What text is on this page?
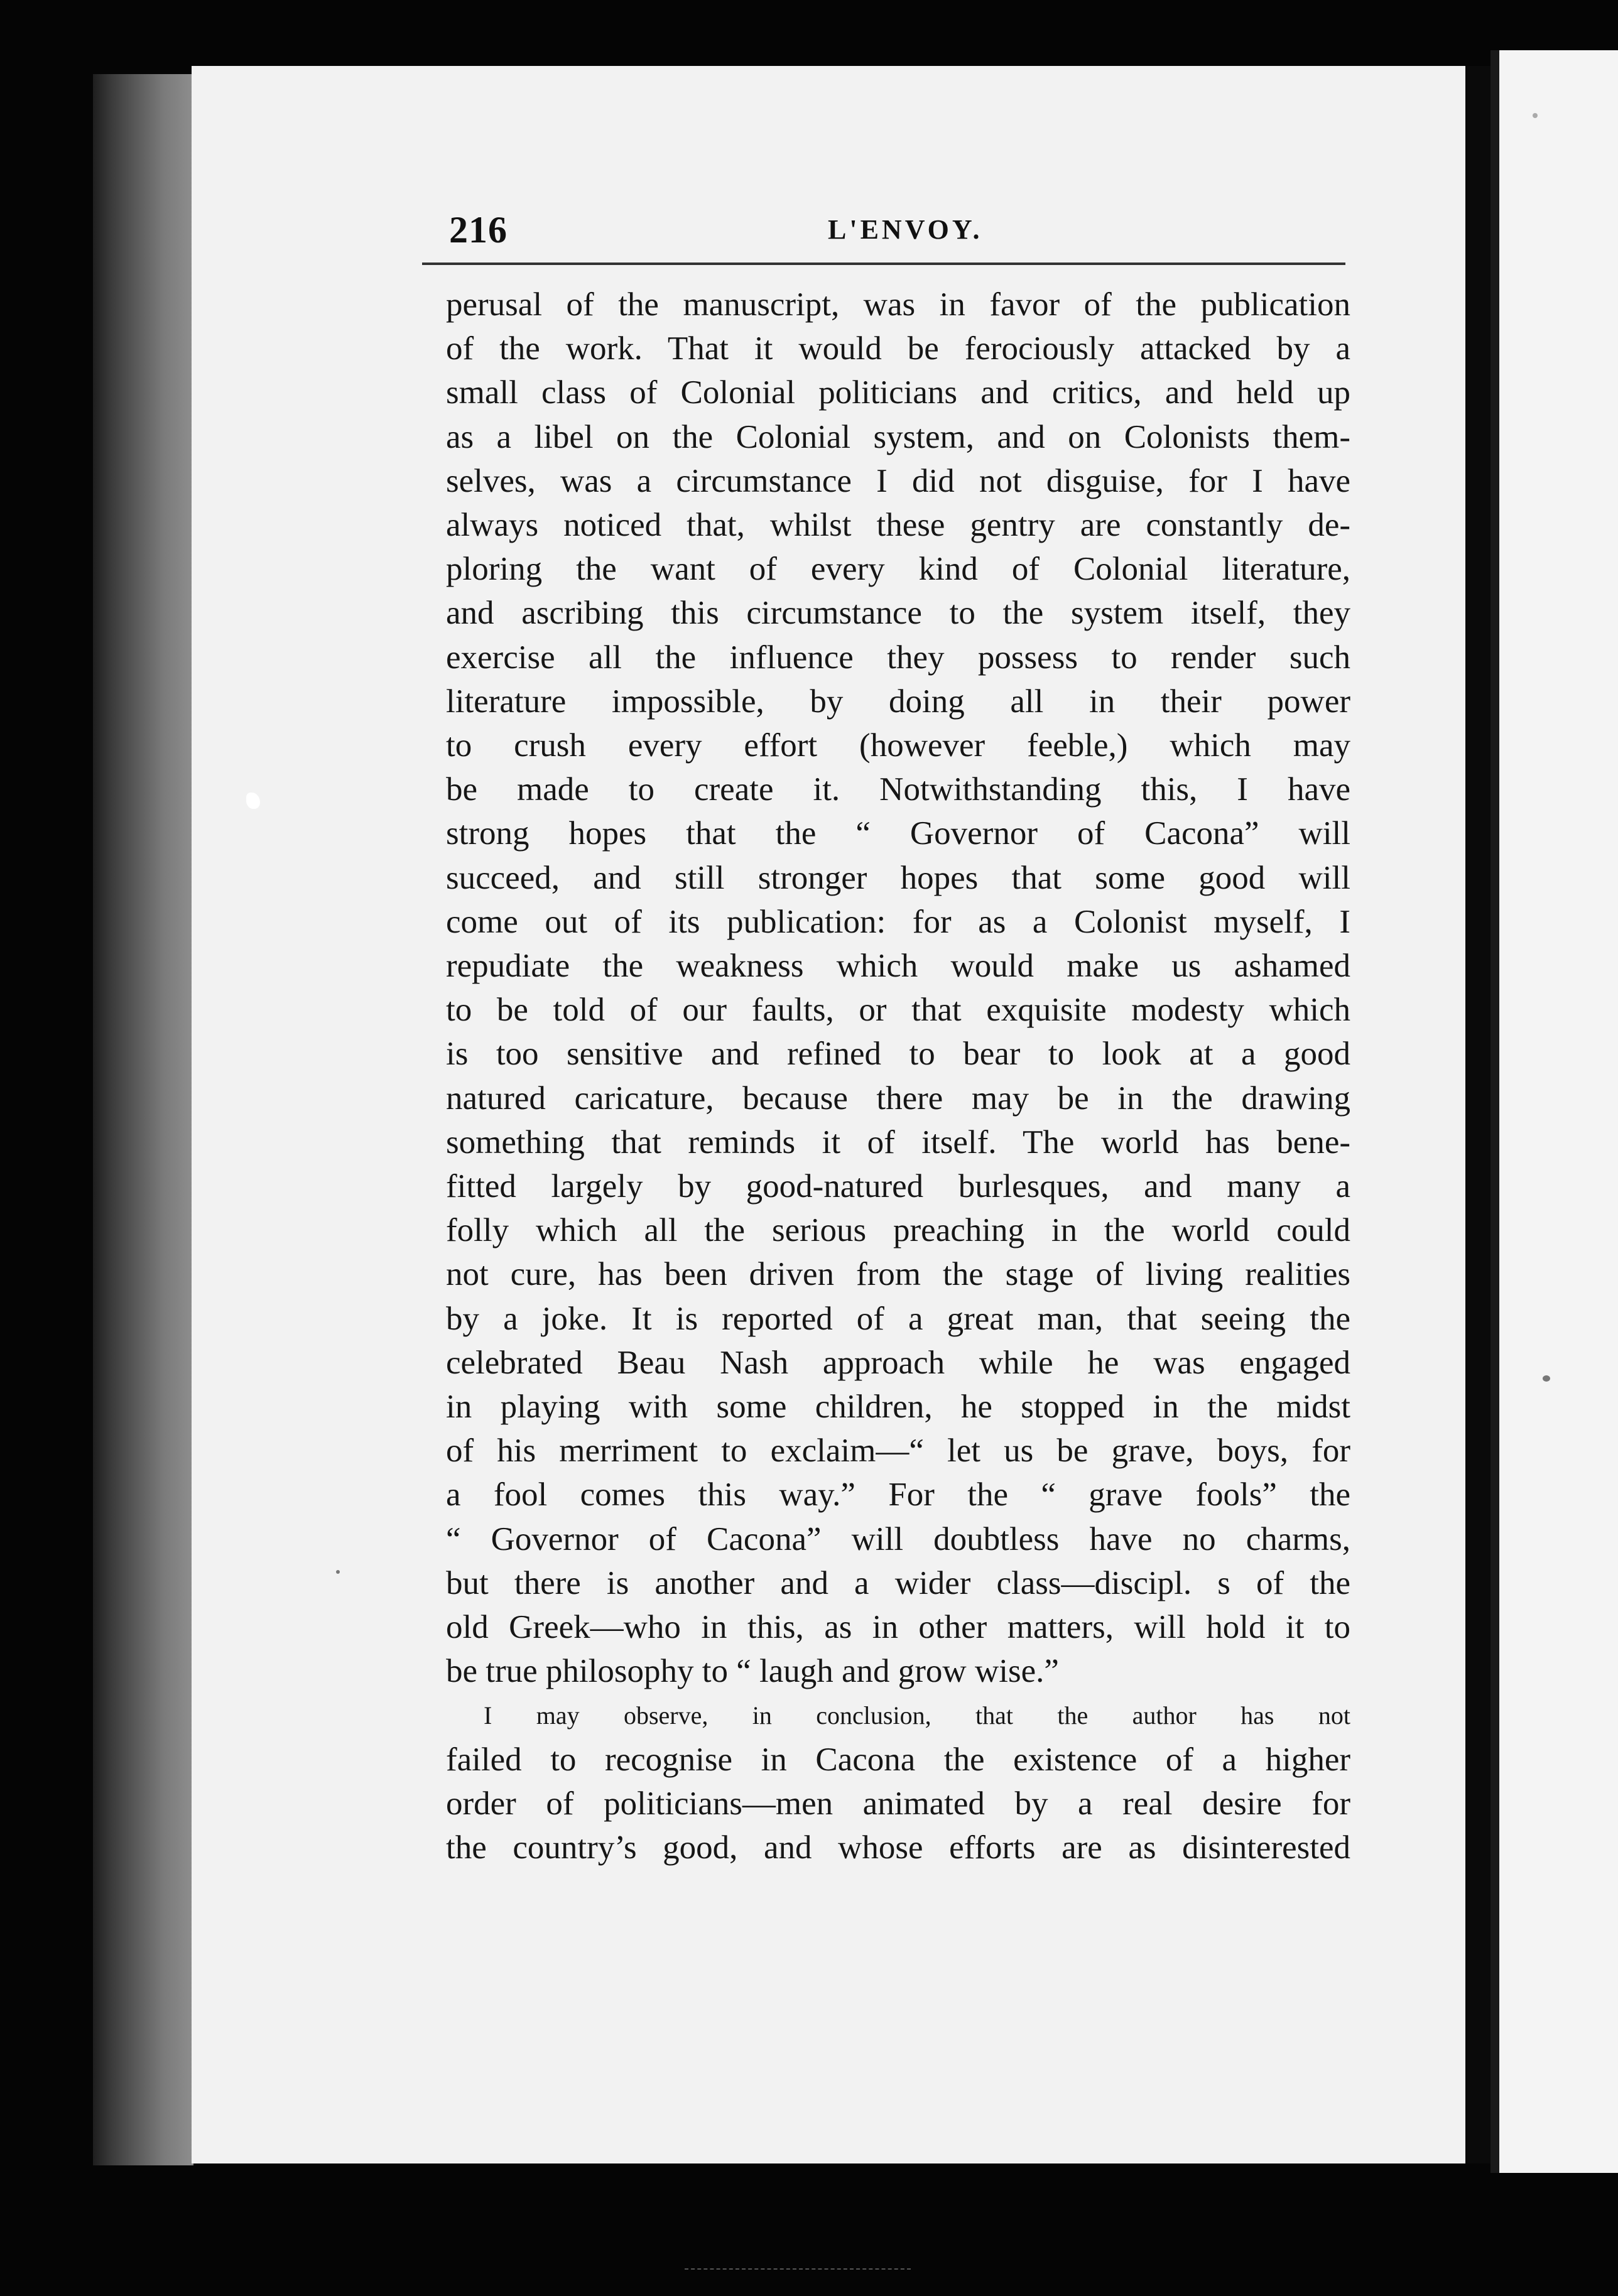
216	L'ENVOY.
perusal of the manuscript, was in favor of the publication
of the work. That it would be ferociously attacked by a
small class of Colonial politicians and critics, and held up
as a libel on the Colonial system, and on Colonists them-
selves, was a circumstance I did not disguise, for I have
always noticed that, whilst these gentry are constantly de-
ploring the want of every kind of Colonial literature,
and ascribing this circumstance to the system itself, they
exercise all the influence they possess to render such
literature impossible, by doing all in their power
to crush every effort (however feeble,) which may
be made to create it. Notwithstanding this, I have
strong hopes that the “ Governor of Cacona” will
succeed, and still stronger hopes that some good will
come out of its publication: for as a Colonist myself, I
repudiate the weakness which would make us ashamed
to be told of our faults, or that exquisite modesty which
is too sensitive and refined to bear to look at a good
natured caricature, because there may be in the drawing
something that reminds it of itself. The world has bene-
fitted largely by good-natured burlesques, and many a
folly which all the serious preaching in the world could
not cure, has been driven from the stage of living realities
by a joke. It is reported of a great man, that seeing the
celebrated Beau Nash approach while he was engaged
in playing with some children, he stopped in the midst
of his merriment to exclaim—“ let us be grave, boys, for
a fool comes this way.” For the “ grave fools” the
“ Governor of Cacona” will doubtless have no charms,
but there is another and a wider class—discipl. s of the
old Greek—who in this, as in other matters, will hold it to
be true philosophy to “ laugh and grow wise.”
I may observe, in conclusion, that the author has not
failed to recognise in Cacona the existence of a higher
order of politicians—men animated by a real desire for
the country’s good, and whose efforts are as disinterested
